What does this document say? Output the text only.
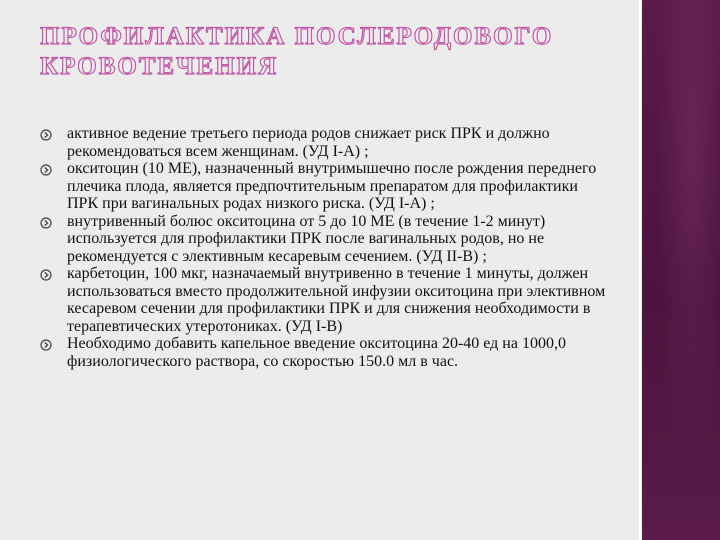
ПРОФИЛАКТИКА ПОСЛЕРОДОВОГО КРОВОТЕЧЕНИЯ
активное ведение третьего периода родов снижает риск ПРК и должно рекомендоваться всем женщинам. (УД I-А) ;
окситоцин (10 МЕ), назначенный внутримышечно после рождения переднего плечика плода, является предпочтительным препаратом для профилактики ПРК при вагинальных родах низкого риска. (УД I-А) ;
внутривенный болюс окситоцина от 5 до 10 МЕ (в течение 1-2 минут) используется для профилактики ПРК после вагинальных родов, но не рекомендуется с элективным кесаревым сечением. (УД II-В) ;
карбетоцин, 100 мкг, назначаемый внутривенно в течение 1 минуты, должен использоваться вместо продолжительной инфузии окситоцина при элективном кесаревом сечении для профилактики ПРК и для снижения необходимости в терапевтических утеротониках. (УД I-В)
Необходимо добавить капельное введение окситоцина 20-40 ед на 1000,0 физиологического раствора, со скоростью 150.0 мл в час.
